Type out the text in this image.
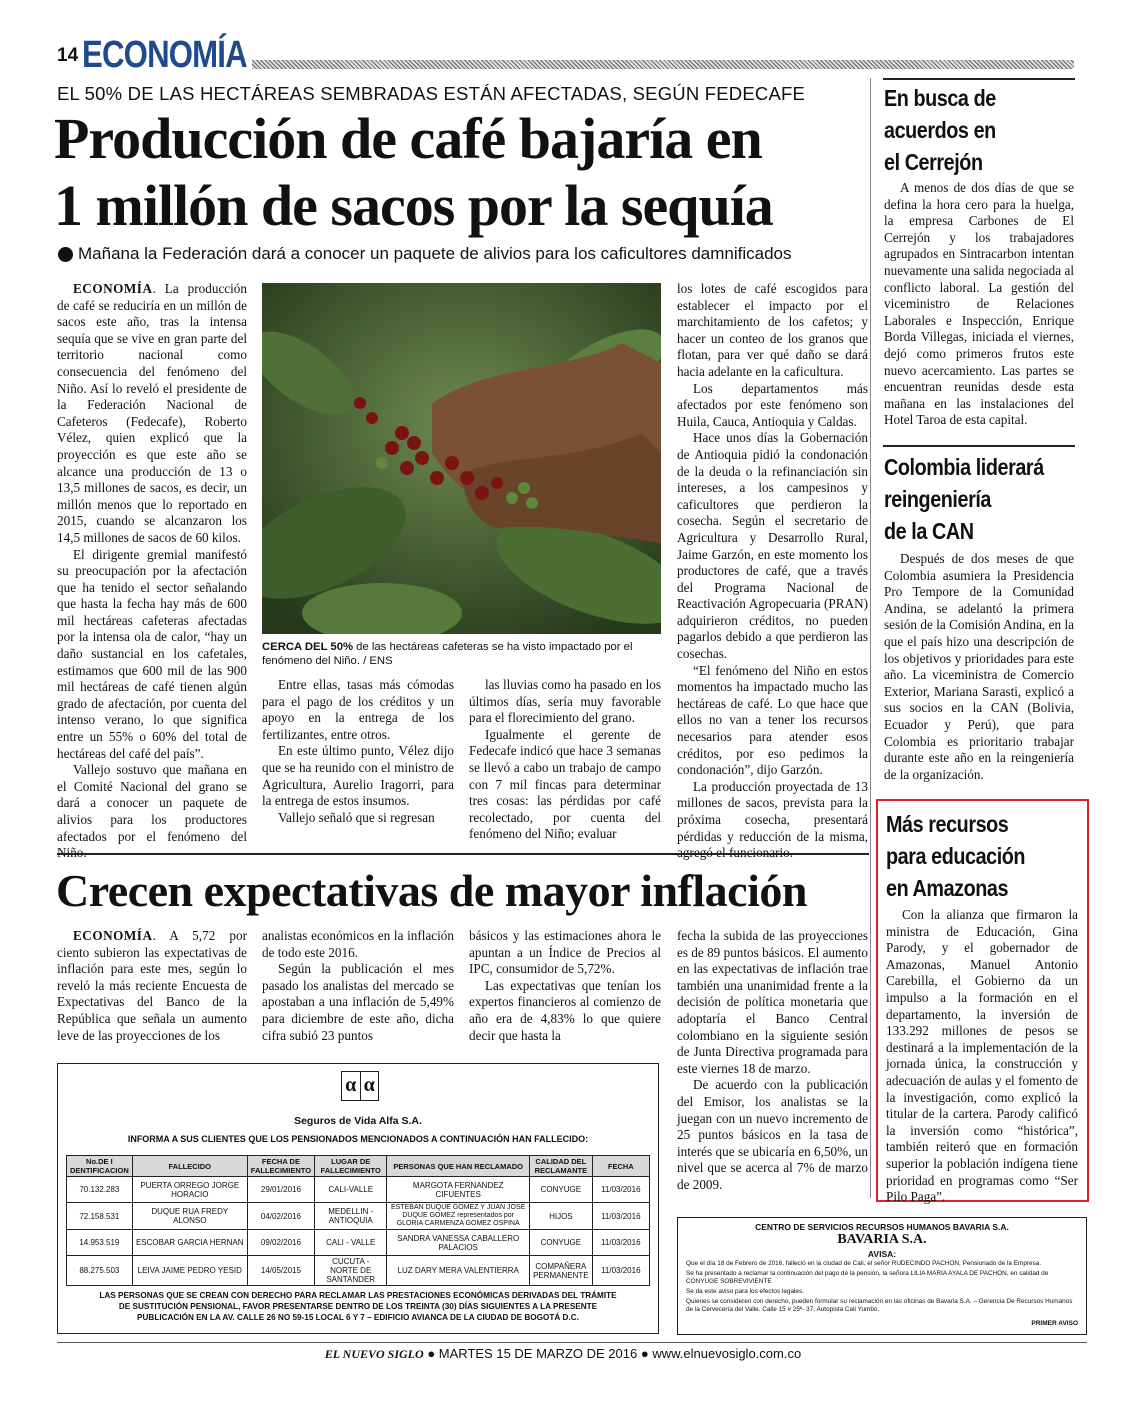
14 ECONOMÍA
EL 50% DE LAS HECTÁREAS SEMBRADAS ESTÁN AFECTADAS, SEGÚN FEDECAFE
Producción de café bajaría en
1 millón de sacos por la sequía
Mañana la Federación dará a conocer un paquete de alivios para los caficultores damnificados

ECONOMÍA. La producción de café se reduciría en un millón de sacos este año, tras la intensa sequía que se vive en gran parte del territorio nacional como consecuencia del fenómeno del Niño. Así lo reveló el presidente de la Federación Nacional de Cafeteros (Fedecafe), Roberto Vélez, quien explicó que la proyección es que este año se alcance una producción de 13 o 13,5 millones de sacos, es decir, un millón menos que lo reportado en 2015, cuando se alcanzaron los 14,5 millones de sacos de 60 kilos.

El dirigente gremial manifestó su preocupación por la afectación que ha tenido el sector señalando que hasta la fecha hay más de 600 mil hectáreas cafeteras afectadas por la intensa ola de calor, “hay un daño sustancial en los cafetales, estimamos que 600 mil de las 900 mil hectáreas de café tienen algún grado de afectación, por cuenta del intenso verano, lo que significa entre un 55% o 60% del total de hectáreas del café del país”.

Vallejo sostuvo que mañana en el Comité Nacional del grano se dará a conocer un paquete de alivios para los productores afectados por el fenómeno del

CERCA DEL 50% de las hectáreas cafeteras se ha visto impactado por el fenómeno del Niño. / ENS

Entre ellas, tasas más cómodas para el pago de los créditos y un apoyo en la entrega de los fertilizantes, entre otros.

En este último punto, Vélez dijo que se ha reunido con el ministro de Agricultura, Aurelio Iragorri, para la entrega de estos insumos.

Vallejo señaló que si regresan

las lluvias como ha pasado en los últimos días, sería muy favorable para el florecimiento del grano.

Igualmente el gerente de Fedecafe indicó que hace 3 semanas se llevó a cabo un trabajo de campo con 7 mil fincas para determinar tres cosas: las pérdidas por café recolectado, por cuenta del fenómeno del Niño; evaluar

los lotes de café escogidos para establecer el impacto por el marchitamiento de los cafetos; y hacer un conteo de los granos que flotan, para ver qué daño se dará hacia adelante en la caficultura.

Los departamentos más afectados por este fenómeno son Huila, Cauca, Antioquia y Caldas.

Hace unos días la Gobernación de Antioquia pidió la condonación de la deuda o la refinanciación sin intereses, a los campesinos y caficultores que perdieron la cosecha. Según el secretario de Agricultura y Desarrollo Rural, Jaime Garzón, en este momento los productores de café, que a través del Programa Nacional de Reactivación Agropecuaria (PRAN) adquirieron créditos, no pueden pagarlos debido a que perdieron las cosechas.

“El fenómeno del Niño en estos momentos ha impactado mucho las hectáreas de café. Lo que hace que ellos no van a tener los recursos necesarios para atender esos créditos, por eso pedimos la condonación”, dijo Garzón.

La producción proyectada de 13 millones de sacos, prevista para la próxima cosecha, presentará pérdidas y reducción de la misma,

En busca de
acuerdos en
el Cerrejón

A menos de dos días de que se defina la hora cero para la huelga, la empresa Carbones de El Cerrejón y los trabajadores agrupados en Sintracarbon intentan nuevamente una salida negociada al conflicto laboral. La gestión del viceministro de Relaciones Laborales e Inspección, Enrique Borda Villegas, iniciada el viernes, dejó como primeros frutos este nuevo acercamiento. Las partes se encuentran reunidas desde esta mañana en las instalaciones del Hotel Taroa de esta capital.

Colombia liderará
reingeniería
de la CAN

Después de dos meses de que Colombia asumiera la Presidencia Pro Tempore de la Comunidad Andina, se adelantó la primera sesión de la Comisión Andina, en la que el país hizo una descripción de los objetivos y prioridades para este año. La viceministra de Comercio Exterior, Mariana Sarasti, explicó a sus socios en la CAN (Bolivia, Ecuador y Perú), que para Colombia es prioritario trabajar durante este año en la reingeniería de la organización.

Más recursos
para educación
en Amazonas

Con la alianza que firmaron la ministra de Educación, Gina Parody, y el gobernador de Amazonas, Manuel Antonio Carebilla, el Gobierno da un impulso a la formación en el departamento, la inversión de 133.292 millones de pesos se destinará a la implementación de la jornada única, la construcción y adecuación de aulas y el fomento de la investigación, como explicó la titular de la cartera. Parody calificó la inversión como “histórica”, también reiteró que en formación superior la población indígena tiene prioridad en programas como “Ser Pilo Paga”.

Crecen expectativas de mayor inflación

ECONOMÍA. A 5,72 por ciento subieron las expectativas de inflación para este mes, según lo reveló la más reciente Encuesta de Expectativas del Banco de la República que señala un aumento leve de las proyecciones de los

analistas económicos en la inflación de todo este 2016.

Según la publicación el mes pasado los analistas del mercado se apostaban a una inflación de 5,49% para diciembre de este año, dicha cifra subió 23 puntos

básicos y las estimaciones ahora le apuntan a un Índice de Precios al IPC, consumidor de 5,72%.

Las expectativas que tenían los expertos financieros al comienzo de año era de 4,83% lo que quiere decir que hasta la

fecha la subida de las proyecciones es de 89 puntos básicos. El aumento en las expectativas de inflación trae también una unanimidad frente a la decisión de política monetaria que adoptaría el Banco Central colombiano en la siguiente sesión de Junta Directiva programada para este viernes 18 de marzo.

De acuerdo con la publicación del Emisor, los analistas se la juegan con un nuevo incremento de 25 puntos básicos en la tasa de interés que se ubicaría en 6,50%, un nivel que se acerca al 7% de marzo de 2009.

α α
Seguros de Vida Alfa S.A.
INFORMA A SUS CLIENTES QUE LOS PENSIONADOS MENCIONADOS A CONTINUACIÓN HAN FALLECIDO:
No.DE I DENTIFICACION	FALLECIDO	FECHA DE FALLECIMIENTO	LUGAR DE FALLECIMIENTO	PERSONAS QUE HAN RECLAMADO	CALIDAD DEL RECLAMANTE	FECHA
70.132.283	PUERTA ORREGO JORGE HORACIO	29/01/2016	CALI-VALLE	MARGOTA FERNANDEZ CIFUENTES	CONYUGE	11/03/2016
72.158.531	DUQUE RUA FREDY ALONSO	04/02/2016	MEDELLIN - ANTIOQUIA	ESTEBAN DUQUE GOMEZ Y JUAN JOSE DUQUE GOMEZ representados por GLORIA CARMENZA GOMEZ OSPINA	HIJOS	11/03/2016
14.953.519	ESCOBAR GARCIA HERNAN	09/02/2016	CALI - VALLE	SANDRA VANESSA CABALLERO PALACIOS	CONYUGE	11/03/2016
88.275.503	LEIVA JAIME PEDRO YESID	14/05/2015	CUCUTA - NORTE DE SANTANDER	LUZ DARY MERA VALENTIERRA	COMPAÑERA PERMANENTE	11/03/2016
LAS PERSONAS QUE SE CREAN CON DERECHO PARA RECLAMAR LAS PRESTACIONES ECONÓMICAS DERIVADAS DEL TRÁMITE DE SUSTITUCIÓN PENSIONAL, FAVOR PRESENTARSE DENTRO DE LOS TREINTA (30) DÍAS SIGUIENTES A LA PRESENTE PUBLICACIÓN EN LA AV. CALLE 26 NO 59-15 LOCAL 6 Y 7 – EDIFICIO AVIANCA DE LA CIUDAD DE BOGOTÁ D.C.
CENTRO DE SERVICIOS RECURSOS HUMANOS BAVARIA S.A.
BAVARIA S.A.
AVISA:
Que el día 18 de Febrero de 2016, falleció en la ciudad de Cali, el señor RUDECINDO PACHON, Pensionado de la Empresa.
Se ha presentado a reclamar la continuación del pago de la pensión, la señora LILIA MARIA AYALA DE PACHON, en calidad de CÓNYUGE SOBREVIVIENTE
Se da este aviso para los efectos legales.
Quienes se consideren con derecho, pueden formular su reclamación en las oficinas de Bavaria S.A. – Gerencia De Recursos Humanos de la Cervecería del Valle. Calle 15 # 25ª- 37. Autopista Cali Yumbo.
PRIMER AVISO
EL NUEVO SIGLO ● MARTES 15 DE MARZO DE 2016 ● www.elnuevosiglo.com.co
